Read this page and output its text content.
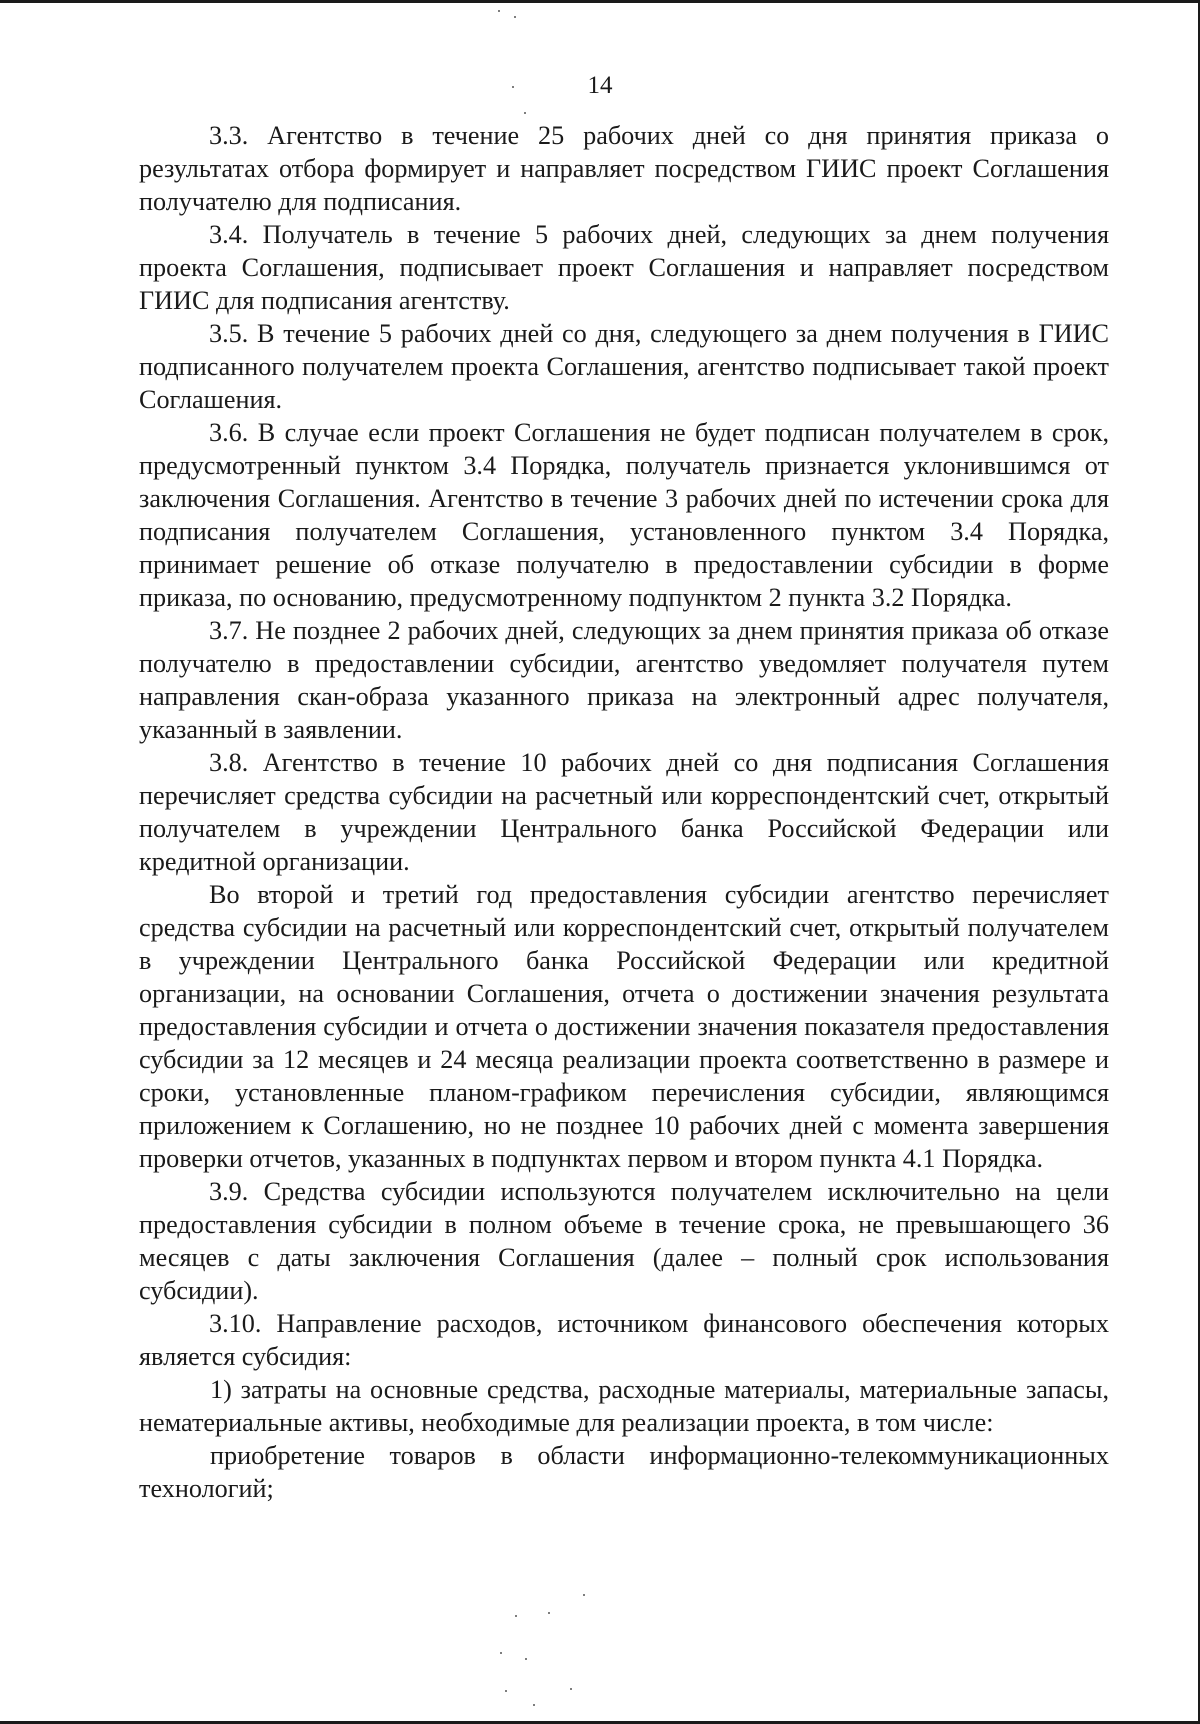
14

3.3. Агентство в течение 25 рабочих дней со дня принятия приказа о результатах отбора формирует и направляет посредством ГИИС проект Соглашения получателю для подписания.

3.4. Получатель в течение 5 рабочих дней, следующих за днем получения проекта Соглашения, подписывает проект Соглашения и направляет посредством ГИИС для подписания агентству.

3.5. В течение 5 рабочих дней со дня, следующего за днем получения в ГИИС подписанного получателем проекта Соглашения, агентство подписывает такой проект Соглашения.

3.6. В случае если проект Соглашения не будет подписан получателем в срок, предусмотренный пунктом 3.4 Порядка, получатель признается уклонившимся от заключения Соглашения. Агентство в течение 3 рабочих дней по истечении срока для подписания получателем Соглашения, установленного пунктом 3.4 Порядка, принимает решение об отказе получателю в предоставлении субсидии в форме приказа, по основанию, предусмотренному подпунктом 2 пункта 3.2 Порядка.

3.7. Не позднее 2 рабочих дней, следующих за днем принятия приказа об отказе получателю в предоставлении субсидии, агентство уведомляет получателя путем направления скан-образа указанного приказа на электронный адрес получателя, указанный в заявлении.

3.8. Агентство в течение 10 рабочих дней со дня подписания Соглашения перечисляет средства субсидии на расчетный или корреспондентский счет, открытый получателем в учреждении Центрального банка Российской Федерации или кредитной организации.

Во второй и третий год предоставления субсидии агентство перечисляет средства субсидии на расчетный или корреспондентский счет, открытый получателем в учреждении Центрального банка Российской Федерации или кредитной организации, на основании Соглашения, отчета о достижении значения результата предоставления субсидии и отчета о достижении значения показателя предоставления субсидии за 12 месяцев и 24 месяца реализации проекта соответственно в размере и сроки, установленные планом-графиком перечисления субсидии, являющимся приложением к Соглашению, но не позднее 10 рабочих дней с момента завершения проверки отчетов, указанных в подпунктах первом и втором пункта 4.1 Порядка.

3.9. Средства субсидии используются получателем исключительно на цели предоставления субсидии в полном объеме в течение срока, не превышающего 36 месяцев с даты заключения Соглашения (далее – полный срок использования субсидии).

3.10. Направление расходов, источником финансового обеспечения которых является субсидия:

1) затраты на основные средства, расходные материалы, материальные запасы, нематериальные активы, необходимые для реализации проекта, в том числе:

приобретение товаров в области информационно-телекоммуникационных технологий;
